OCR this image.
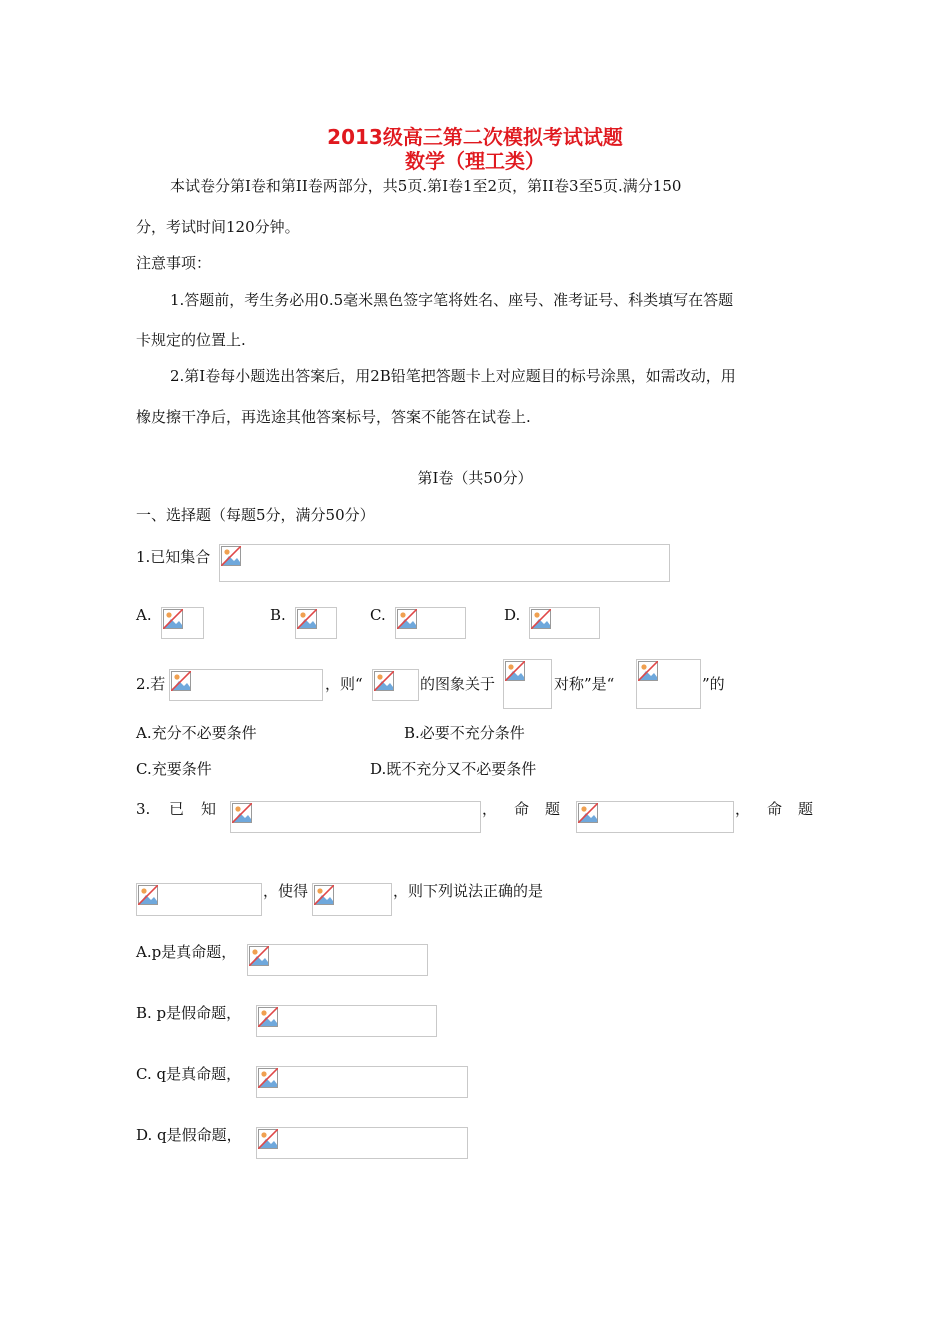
2013级高三第二次模拟考试试题
数学（理工类）
本试卷分第Ⅰ卷和第II卷两部分，共5页.第Ⅰ卷1至2页，第II卷3至5页.满分150
分，考试时间120分钟。
注意事项：
1.答题前，考生务必用0.5毫米黑色签字笔将姓名、座号、准考证号、科类填写在答题
卡规定的位置上.
2.第Ⅰ卷每小题选出答案后，用2B铅笔把答题卡上对应题目的标号涂黑，如需改动，用
橡皮擦干净后，再选途其他答案标号，答案不能答在试卷上.
第Ⅰ卷（共50分）
一、选择题（每题5分，满分50分）
1.已知集合
A.	B.	C.	D.
2.若	，则“	的图象关于	对称”是“	”的
A.充分不必要条件	B.必要不充分条件
C.充要条件	D.既不充分又不必要条件
3. 已 知	， 命 题	， 命 题
，使得	，则下列说法正确的是
A.p是真命题，
B. p是假命题，
C. q是真命题，
D. q是假命题，
